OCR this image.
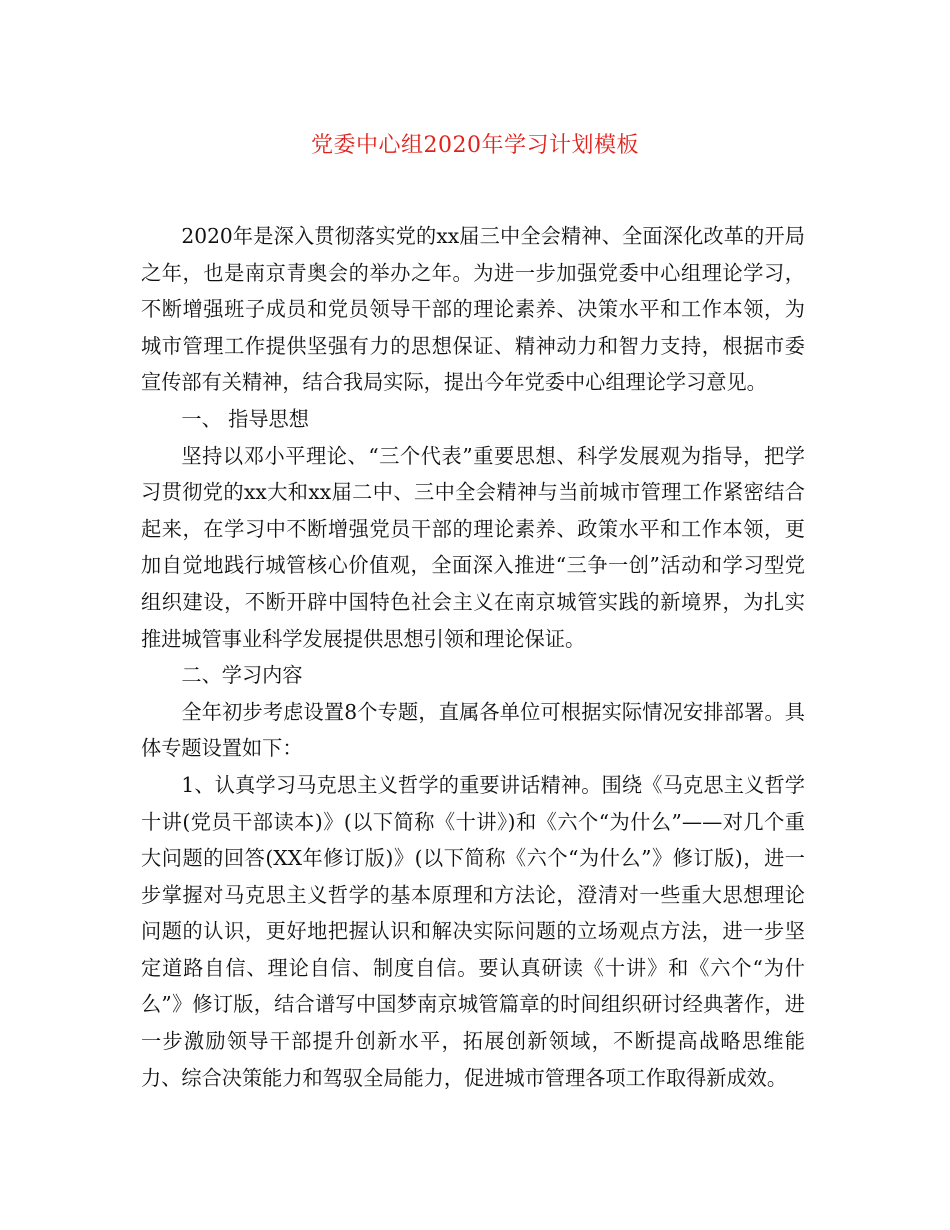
党委中心组2020年学习计划模板

2020年是深入贯彻落实党的xx届三中全会精神、全面深化改革的开局之年，也是南京青奥会的举办之年。为进一步加强党委中心组理论学习，不断增强班子成员和党员领导干部的理论素养、决策水平和工作本领，为城市管理工作提供坚强有力的思想保证、精神动力和智力支持，根据市委宣传部有关精神，结合我局实际，提出今年党委中心组理论学习意见。

一、 指导思想

坚持以邓小平理论、“三个代表”重要思想、科学发展观为指导，把学习贯彻党的xx大和xx届二中、三中全会精神与当前城市管理工作紧密结合起来，在学习中不断增强党员干部的理论素养、政策水平和工作本领，更加自觉地践行城管核心价值观，全面深入推进“三争一创”活动和学习型党组织建设，不断开辟中国特色社会主义在南京城管实践的新境界，为扎实推进城管事业科学发展提供思想引领和理论保证。

二、学习内容

全年初步考虑设置8个专题，直属各单位可根据实际情况安排部署。具体专题设置如下：

1、认真学习马克思主义哲学的重要讲话精神。围绕《马克思主义哲学十讲(党员干部读本)》(以下简称《十讲》)和《六个“为什么”——对几个重大问题的回答(XX年修订版)》(以下简称《六个“为什么”》修订版)，进一步掌握对马克思主义哲学的基本原理和方法论，澄清对一些重大思想理论问题的认识，更好地把握认识和解决实际问题的立场观点方法，进一步坚定道路自信、理论自信、制度自信。要认真研读《十讲》和《六个“为什么”》修订版，结合谱写中国梦南京城管篇章的时间组织研讨经典著作，进一步激励领导干部提升创新水平，拓展创新领域，不断提高战略思维能力、综合决策能力和驾驭全局能力，促进城市管理各项工作取得新成效。
